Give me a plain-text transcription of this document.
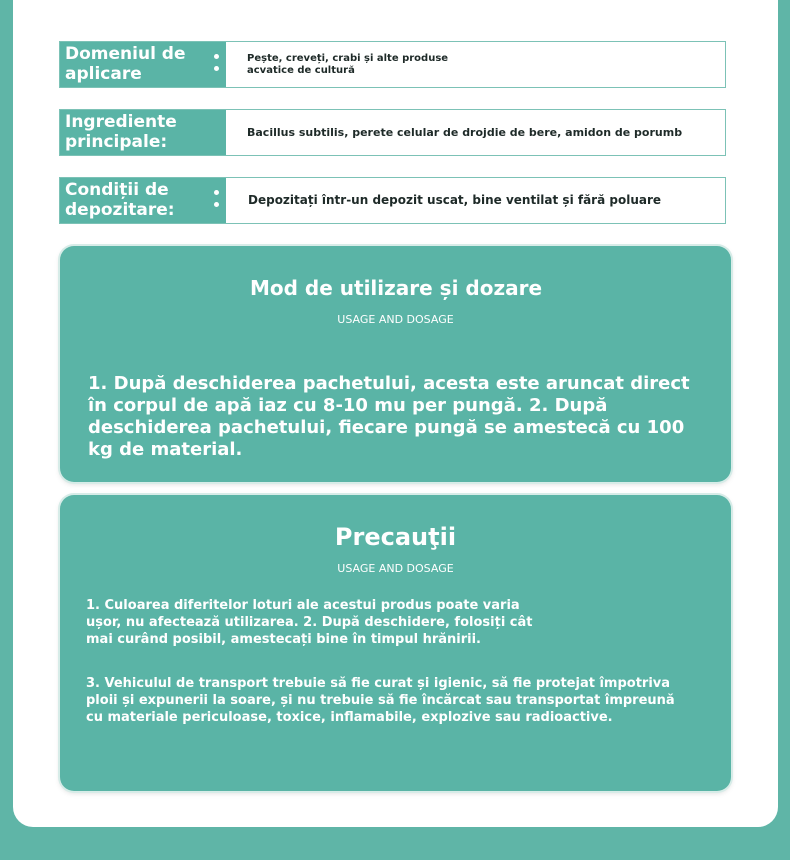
Domeniul de aplicare
Pește, creveți, crabi și alte produse acvatice de cultură
Ingrediente principale:	Bacillus subtilis, perete celular de drojdie de bere, amidon de porumb
Condiții de depozitare:	Depozitați într-un depozit uscat, bine ventilat și fără poluare
Mod de utilizare și dozare
USAGE AND DOSAGE

1. După deschiderea pachetului, acesta este aruncat direct în corpul de apă iaz cu 8-10 mu per pungă. 2. După deschiderea pachetului, fiecare pungă se amestecă cu 100 kg de material.

Precauţii
USAGE AND DOSAGE

1. Culoarea diferitelor loturi ale acestui produs poate varia ușor, nu afectează utilizarea. 2. După deschidere, folosiți cât mai curând posibil, amestecați bine în timpul hrănirii.

3. Vehiculul de transport trebuie să fie curat și igienic, să fie protejat împotriva ploii și expunerii la soare, și nu trebuie să fie încărcat sau transportat împreună cu materiale periculoase, toxice, inflamabile, explozive sau radioactive.
